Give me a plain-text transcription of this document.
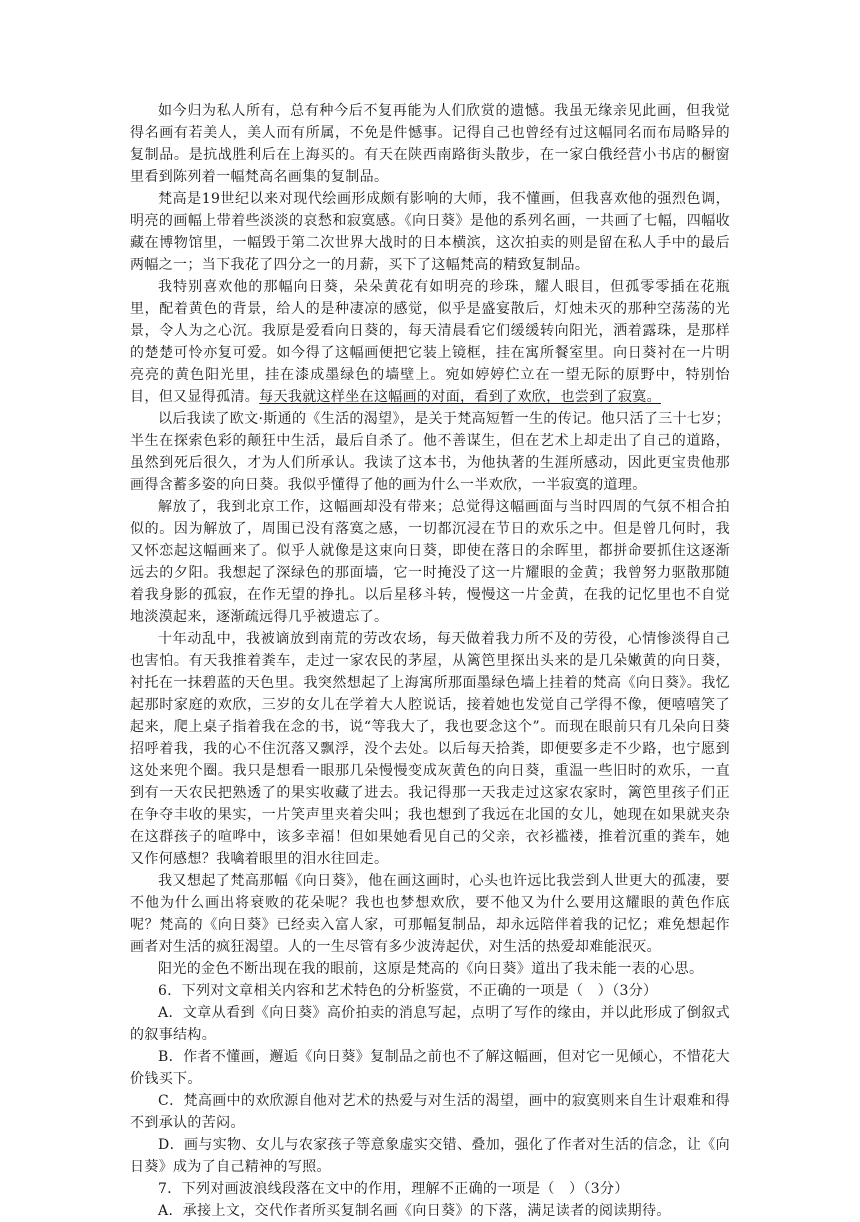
如今归为私人所有，总有种今后不复再能为人们欣赏的遗憾。我虽无缘亲见此画，但我觉得名画有若美人，美人而有所属，不免是件憾事。记得自己也曾经有过这幅同名而布局略异的复制品。是抗战胜利后在上海买的。有天在陕西南路街头散步，在一家白俄经营小书店的橱窗里看到陈列着一幅梵高名画集的复制品。

梵高是19世纪以来对现代绘画形成颇有影响的大师，我不懂画，但我喜欢他的强烈色调，明亮的画幅上带着些淡淡的哀愁和寂寞感。《向日葵》是他的系列名画，一共画了七幅，四幅收藏在博物馆里，一幅毁于第二次世界大战时的日本横滨，这次拍卖的则是留在私人手中的最后两幅之一；当下我花了四分之一的月薪，买下了这幅梵高的精致复制品。

我特别喜欢他的那幅向日葵，朵朵黄花有如明亮的珍珠，耀人眼目，但孤零零插在花瓶里，配着黄色的背景，给人的是种凄凉的感觉，似乎是盛宴散后，灯烛未灭的那种空荡荡的光景，令人为之心沉。我原是爱看向日葵的，每天清晨看它们缓缓转向阳光，洒着露珠，是那样的楚楚可怜亦复可爱。如今得了这幅画便把它装上镜框，挂在寓所餐室里。向日葵衬在一片明亮亮的黄色阳光里，挂在漆成墨绿色的墙壁上。宛如婷婷伫立在一望无际的原野中，特别怡目，但又显得孤清。每天我就这样坐在这幅画的对面，看到了欢欣，也尝到了寂寞。

以后我读了欧文·斯通的《生活的渴望》，是关于梵高短暂一生的传记。他只活了三十七岁；半生在探索色彩的颠狂中生活，最后自杀了。他不善谋生，但在艺术上却走出了自己的道路，虽然到死后很久，才为人们所承认。我读了这本书，为他执著的生涯所感动，因此更宝贵他那画得含蓄多姿的向日葵。我似乎懂得了他的画为什么一半欢欣，一半寂寞的道理。

解放了，我到北京工作，这幅画却没有带来；总觉得这幅画面与当时四周的气氛不相合拍似的。因为解放了，周围已没有落寞之感，一切都沉浸在节日的欢乐之中。但是曾几何时，我又怀恋起这幅画来了。似乎人就像是这束向日葵，即使在落日的余晖里，都拼命要抓住这逐渐远去的夕阳。我想起了深绿色的那面墙，它一时掩没了这一片耀眼的金黄；我曾努力驱散那随着我身影的孤寂，在作无望的挣扎。以后星移斗转，慢慢这一片金黄，在我的记忆里也不自觉地淡漠起来，逐渐疏远得几乎被遗忘了。

十年动乱中，我被谪放到南荒的劳改农场，每天做着我力所不及的劳役，心情惨淡得自己也害怕。有天我推着粪车，走过一家农民的茅屋，从篱笆里探出头来的是几朵嫩黄的向日葵，衬托在一抹碧蓝的天色里。我突然想起了上海寓所那面墨绿色墙上挂着的梵高《向日葵》。我忆起那时家庭的欢欣，三岁的女儿在学着大人腔说话，接着她也发觉自己学得不像，便嘻嘻笑了起来，爬上桌子指着我在念的书，说“等我大了，我也要念这个”。而现在眼前只有几朵向日葵招呼着我，我的心不住沉落又飘浮，没个去处。以后每天拾粪，即便要多走不少路，也宁愿到这处来兜个圈。我只是想看一眼那几朵慢慢变成灰黄色的向日葵，重温一些旧时的欢乐，一直到有一天农民把熟透了的果实收藏了进去。我记得那一天我走过这家农家时，篱笆里孩子们正在争夺丰收的果实，一片笑声里夹着尖叫；我也想到了我远在北国的女儿，她现在如果就夹杂在这群孩子的喧哗中，该多幸福！但如果她看见自己的父亲，衣衫褴褛，推着沉重的粪车，她又作何感想？我噙着眼里的泪水往回走。

我又想起了梵高那幅《向日葵》，他在画这画时，心头也许远比我尝到人世更大的孤凄，要不他为什么画出将衰败的花朵呢？我也也梦想欢欣，要不他又为什么要用这耀眼的黄色作底呢？梵高的《向日葵》已经卖入富人家，可那幅复制品，却永远陪伴着我的记忆；难免想起作画者对生活的疯狂渴望。人的一生尽管有多少波涛起伏，对生活的热爱却难能泯灭。

阳光的金色不断出现在我的眼前，这原是梵高的《向日葵》道出了我未能一表的心思。

6．下列对文章相关内容和艺术特色的分析鉴赏，不正确的一项是（　）（3分）

A．文章从看到《向日葵》高价拍卖的消息写起，点明了写作的缘由，并以此形成了倒叙式的叙事结构。

B．作者不懂画，邂逅《向日葵》复制品之前也不了解这幅画，但对它一见倾心，不惜花大价钱买下。

C．梵高画中的欢欣源自他对艺术的热爱与对生活的渴望，画中的寂寞则来自生计艰难和得不到承认的苦闷。

D．画与实物、女儿与农家孩子等意象虚实交错、叠加，强化了作者对生活的信念，让《向日葵》成为了自己精神的写照。

7．下列对画波浪线段落在文中的作用，理解不正确的一项是（　）（3分）

A．承接上文，交代作者所买复制名画《向日葵》的下落，满足读者的阅读期待。
